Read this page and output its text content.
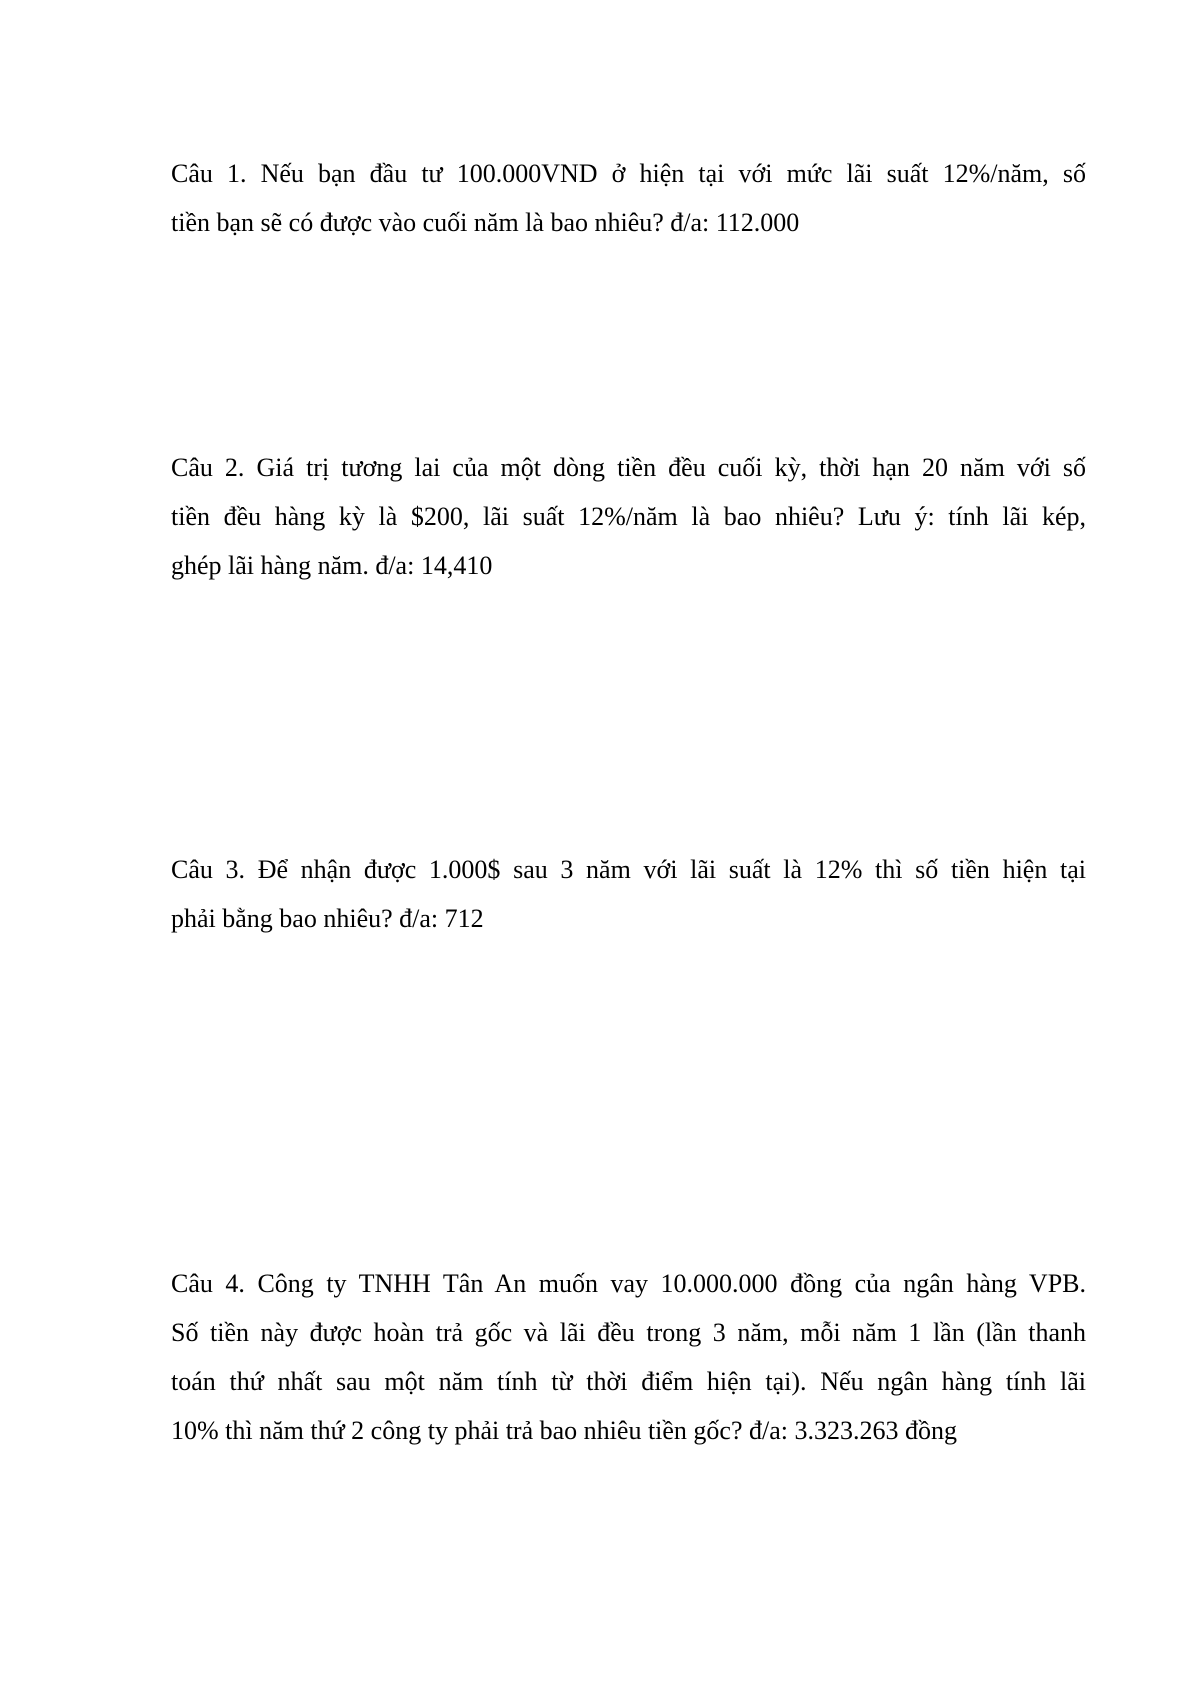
Câu 1. Nếu bạn đầu tư 100.000VND ở hiện tại với mức lãi suất 12%/năm, số
tiền bạn sẽ có được vào cuối năm là bao nhiêu? đ/a: 112.000
Câu 2. Giá trị tương lai của một dòng tiền đều cuối kỳ, thời hạn 20 năm với số
tiền đều hàng kỳ là $200, lãi suất 12%/năm là bao nhiêu? Lưu ý: tính lãi kép,
ghép lãi hàng năm. đ/a: 14,410
Câu 3. Để nhận được 1.000$ sau 3 năm với lãi suất là 12% thì số tiền hiện tại
phải bằng bao nhiêu? đ/a: 712
Câu 4. Công ty TNHH Tân An muốn vay 10.000.000 đồng của ngân hàng VPB.
Số tiền này được hoàn trả gốc và lãi đều trong 3 năm, mỗi năm 1 lần (lần thanh
toán thứ nhất sau một năm tính từ thời điểm hiện tại). Nếu ngân hàng tính lãi
10% thì năm thứ 2 công ty phải trả bao nhiêu tiền gốc? đ/a: 3.323.263 đồng
